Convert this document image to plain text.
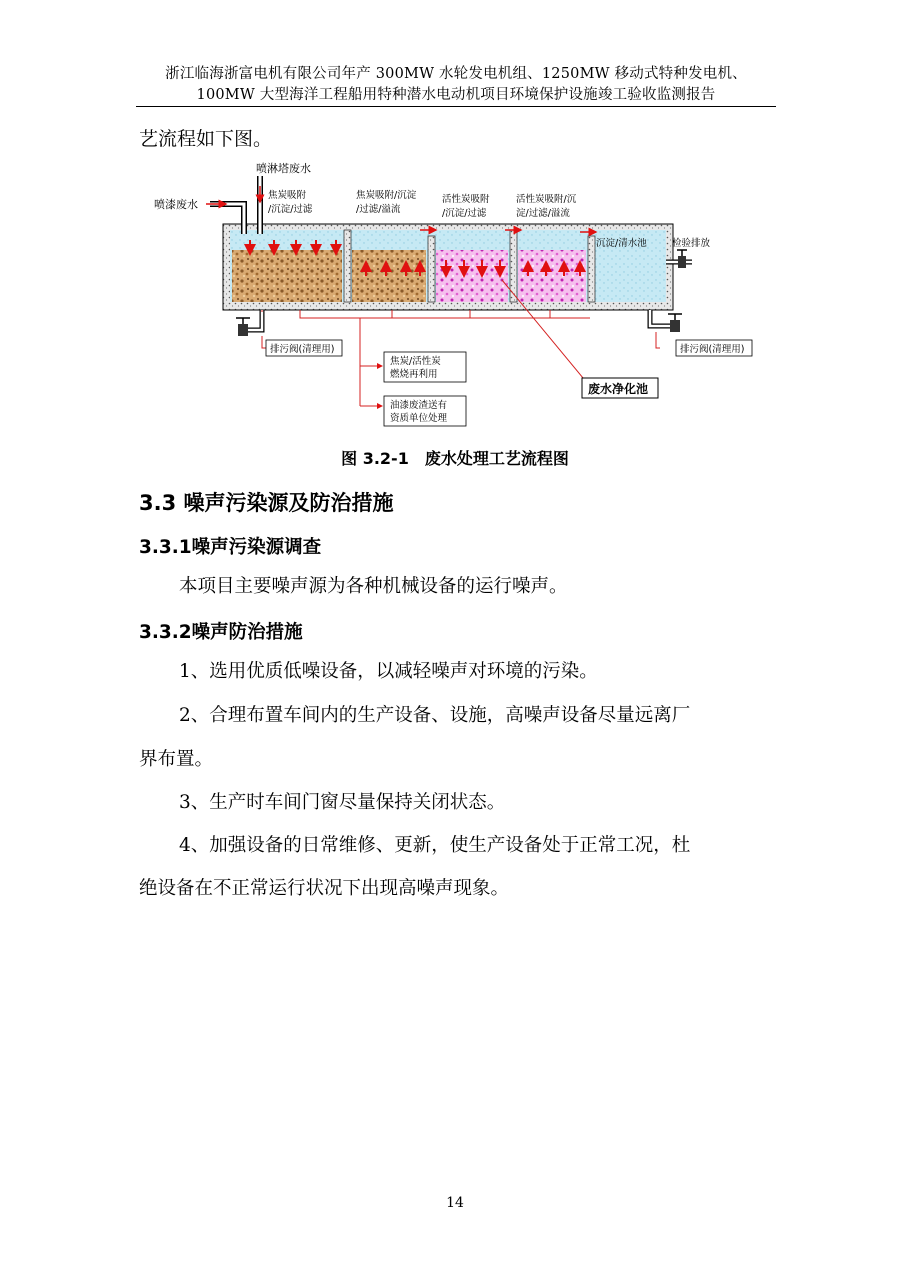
浙江临海浙富电机有限公司年产 300MW 水轮发电机组、1250MW 移动式特种发电机、
100MW 大型海洋工程船用特种潜水电动机项目环境保护设施竣工验收监测报告
艺流程如下图。
喷淋塔废水
喷漆废水
焦炭吸附
/沉淀/过滤
焦炭吸附/沉淀
/过滤/溢流
活性炭吸附
/沉淀/过滤
活性炭吸附/沉
淀/过滤/溢流
沉淀/清水池	检验排放
排污阀(清理用)	排污阀(清理用)
焦炭/活性炭
燃烧再利用
油漆废渣送有
资质单位处理
废水净化池
图 3.2-1　废水处理工艺流程图
3.3 噪声污染源及防治措施
3.3.1噪声污染源调查
本项目主要噪声源为各种机械设备的运行噪声。
3.3.2噪声防治措施
1、选用优质低噪设备，以减轻噪声对环境的污染。
2、合理布置车间内的生产设备、设施，高噪声设备尽量远离厂
界布置。
3、生产时车间门窗尽量保持关闭状态。
4、加强设备的日常维修、更新，使生产设备处于正常工况，杜
绝设备在不正常运行状况下出现高噪声现象。
14
